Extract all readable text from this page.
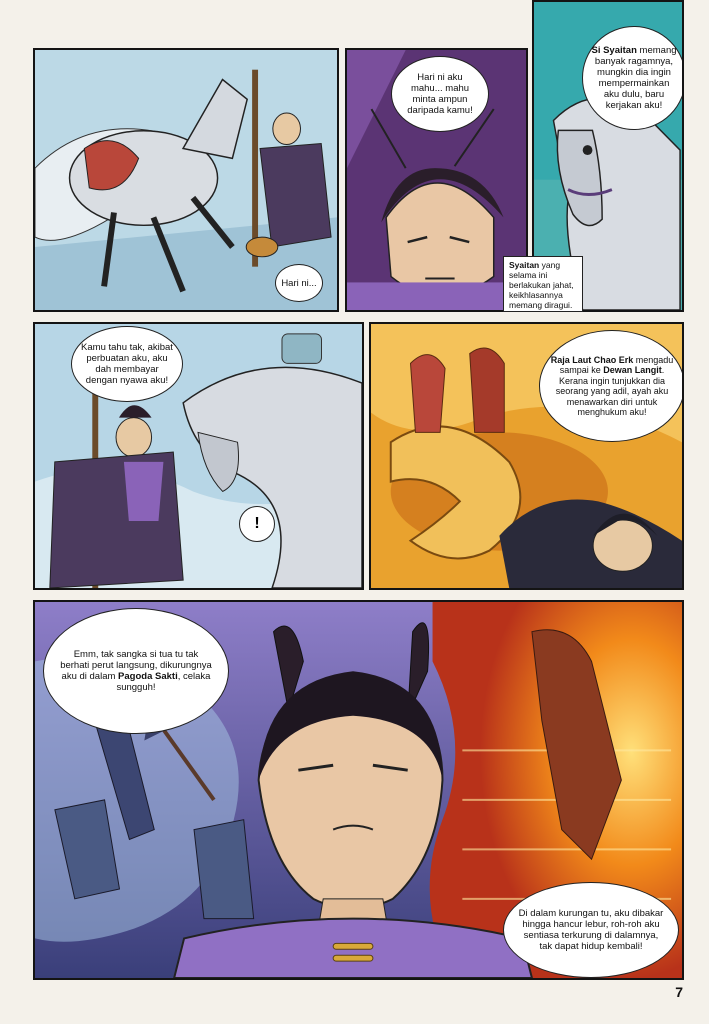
Hari ni...
Hari ni aku mahu... mahu minta ampun daripada kamu!
Si Syaitan memang banyak ragamnya, mungkin dia ingin mempermainkan aku dulu, baru kerjakan aku!
Syaitan yang selama ini berlakukan jahat, keikhlasannya memang diragui.
Kamu tahu tak, akibat perbuatan aku, aku dah membayar dengan nyawa aku!
!
Raja Laut Chao Erk mengadu sampai ke Dewan Langit. Kerana ingin tunjukkan dia seorang yang adil, ayah aku menawarkan diri untuk menghukum aku!
Emm, tak sangka si tua tu tak berhati perut langsung, dikurungnya aku di dalam Pagoda Sakti, celaka sungguh!
Di dalam kurungan tu, aku dibakar hingga hancur lebur, roh-roh aku sentiasa terkurung di dalamnya, tak dapat hidup kembali!
7
